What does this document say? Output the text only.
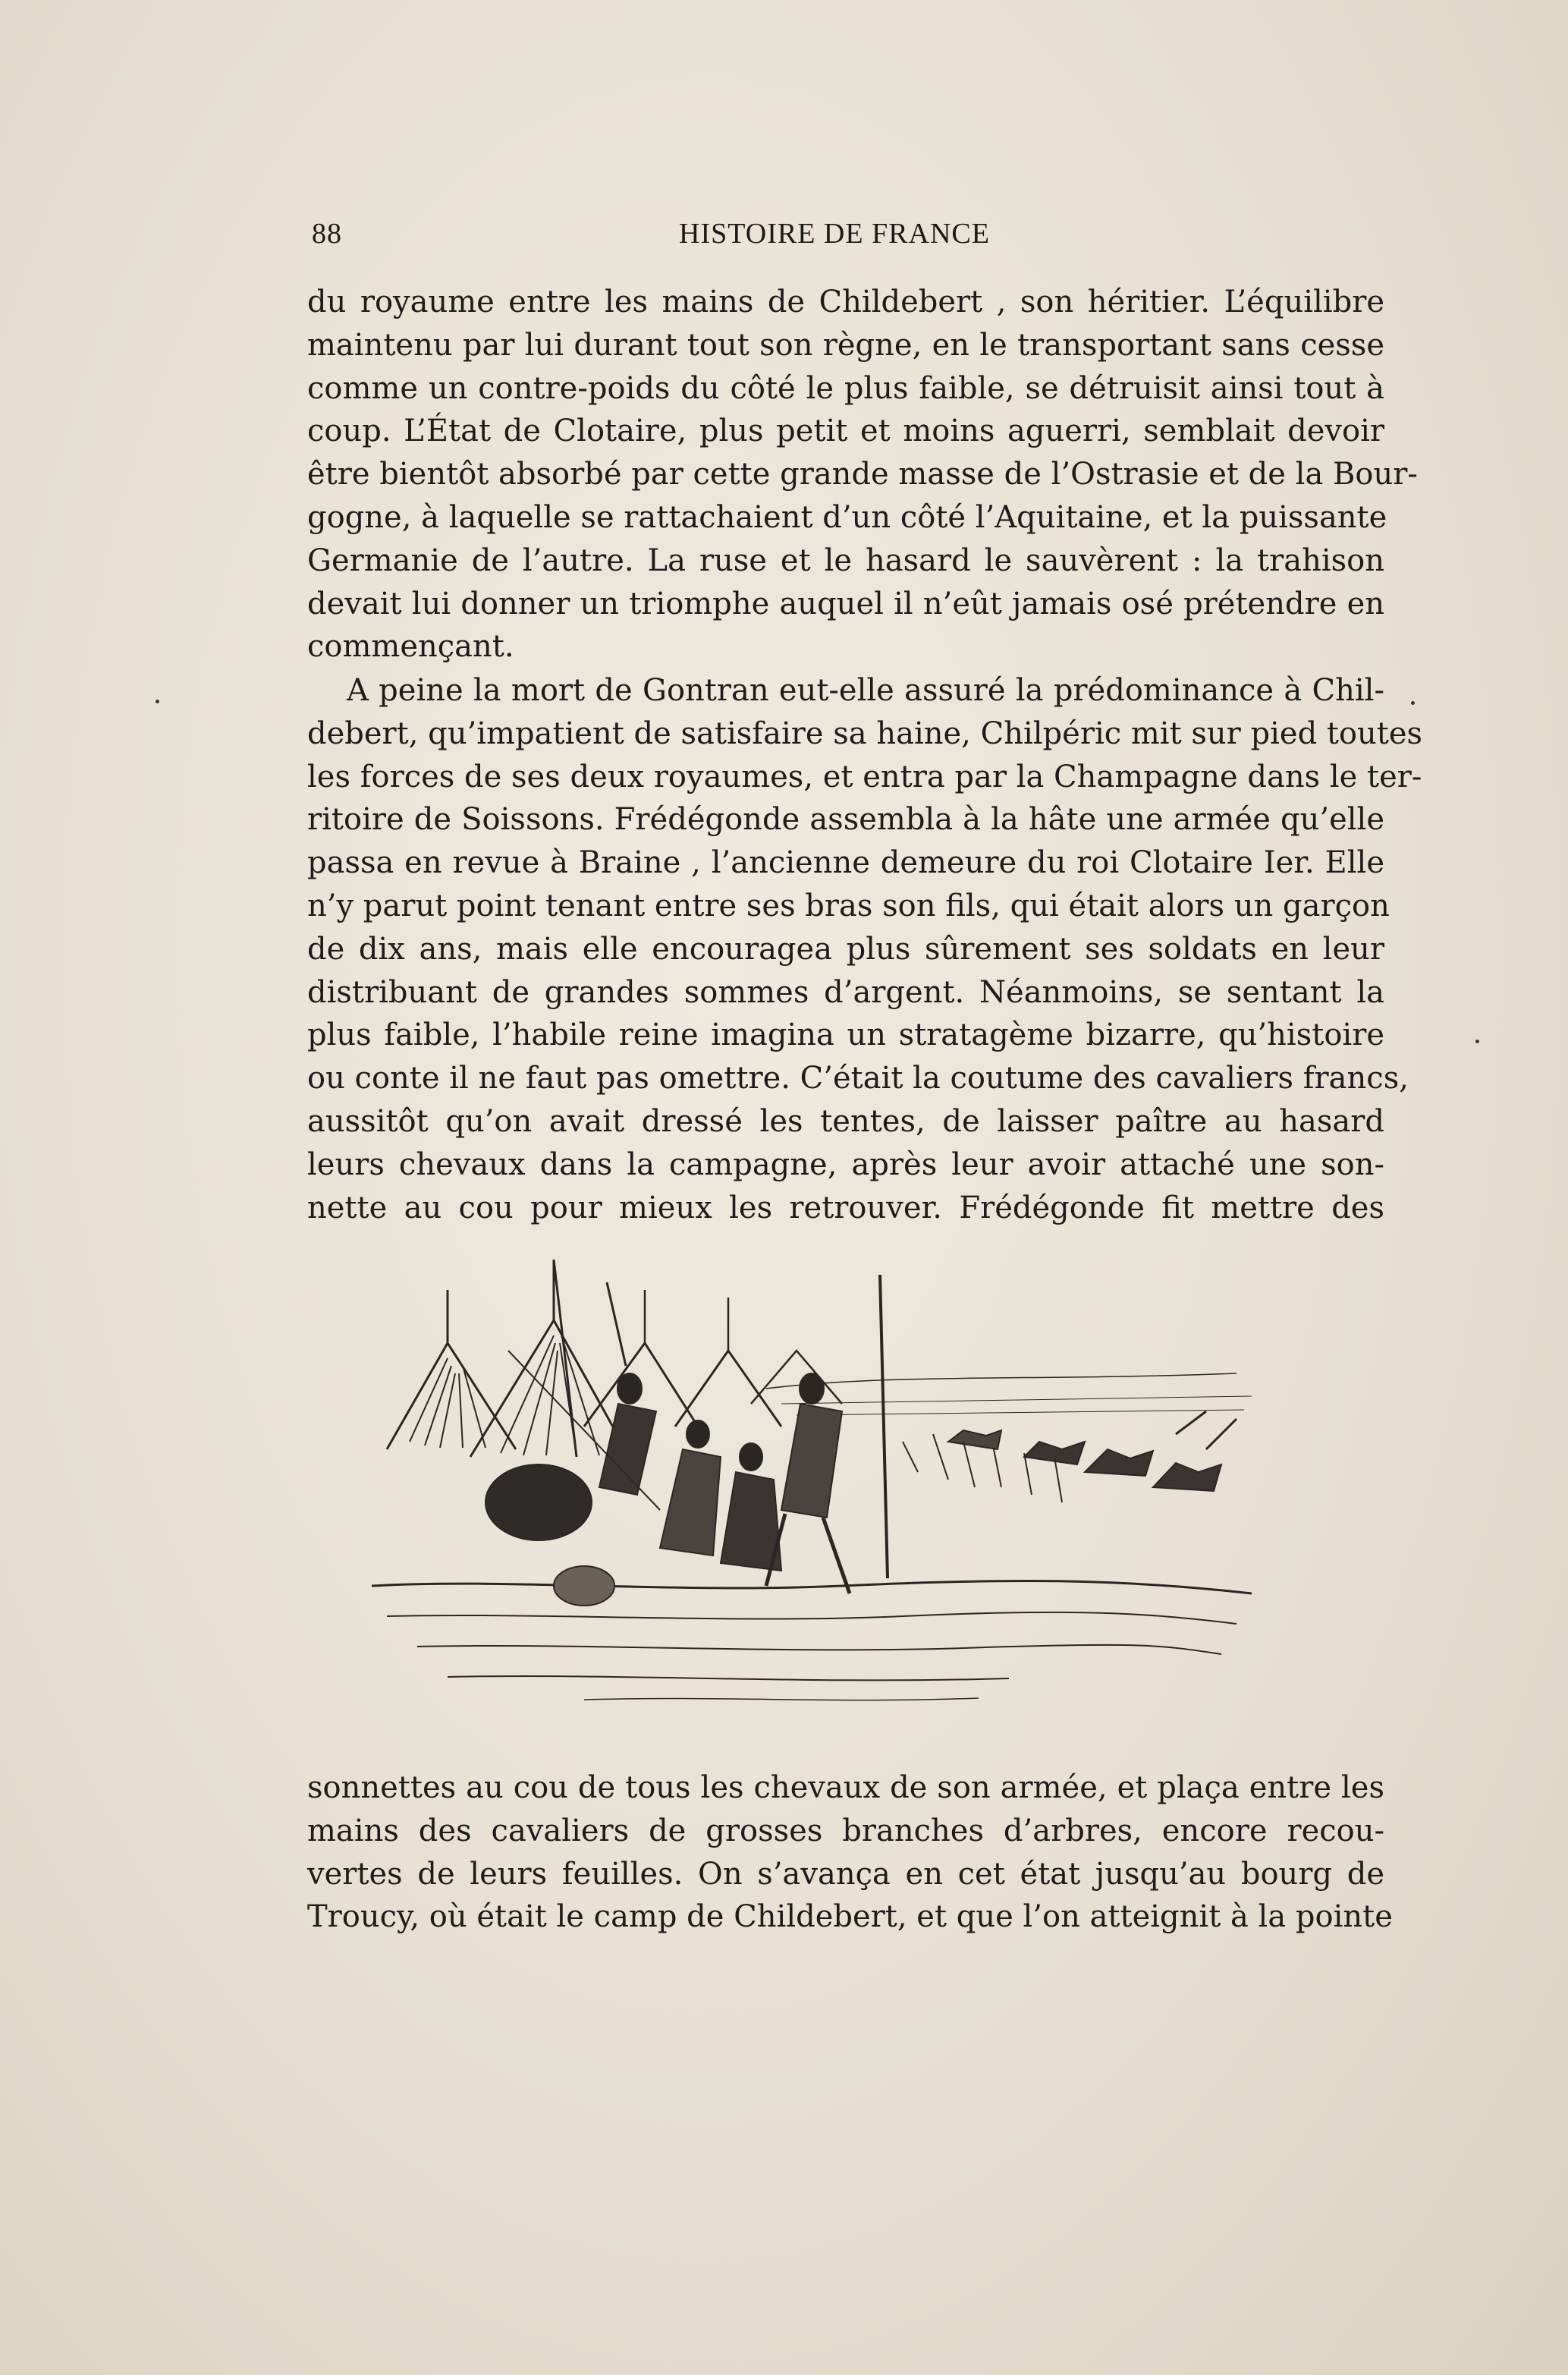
88	HISTOIRE DE FRANCE
du royaume entre les mains de Childebert , son héritier. L’équilibre
maintenu par lui durant tout son règne, en le transportant sans cesse
comme un contre-poids du côté le plus faible, se détruisit ainsi tout à
coup. L’État de Clotaire, plus petit et moins aguerri, semblait devoir
être bientôt absorbé par cette grande masse de l’Ostrasie et de la Bour-
gogne, à laquelle se rattachaient d’un côté l’Aquitaine, et la puissante
Germanie de l’autre. La ruse et le hasard le sauvèrent : la trahison
devait lui donner un triomphe auquel il n’eût jamais osé prétendre en
commençant.
A peine la mort de Gontran eut-elle assuré la prédominance à Chil-
debert, qu’impatient de satisfaire sa haine, Chilpéric mit sur pied toutes
les forces de ses deux royaumes, et entra par la Champagne dans le ter-
ritoire de Soissons. Frédégonde assembla à la hâte une armée qu’elle
passa en revue à Braine , l’ancienne demeure du roi Clotaire Ier. Elle
n’y parut point tenant entre ses bras son fils, qui était alors un garçon
de dix ans, mais elle encouragea plus sûrement ses soldats en leur
distribuant de grandes sommes d’argent. Néanmoins, se sentant la
plus faible, l’habile reine imagina un stratagème bizarre, qu’histoire
ou conte il ne faut pas omettre. C’était la coutume des cavaliers francs,
aussitôt qu’on avait dressé les tentes, de laisser paître au hasard
leurs chevaux dans la campagne, après leur avoir attaché une son-
nette au cou pour mieux les retrouver. Frédégonde fit mettre des
sonnettes au cou de tous les chevaux de son armée, et plaça entre les
mains des cavaliers de grosses branches d’arbres, encore recou-
vertes de leurs feuilles. On s’avança en cet état jusqu’au bourg de
Troucy, où était le camp de Childebert, et que l’on atteignit à la pointe
